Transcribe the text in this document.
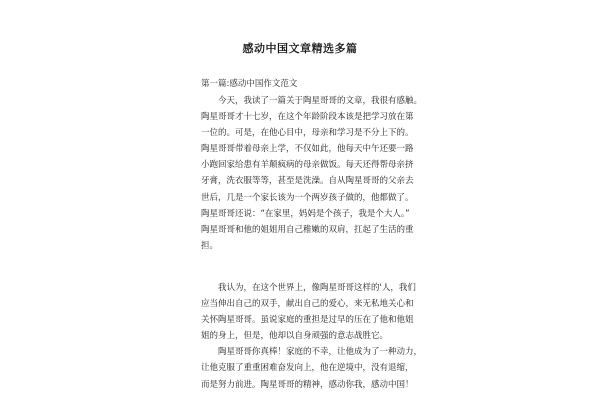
感动中国文章精选多篇
第一篇:感动中国作文范文

　　今天，我读了一篇关于陶星哥哥的文章，我很有感触。
陶星哥哥才十七岁，在这个年龄阶段本该是把学习放在第
一位的。可是，在他心目中，母亲和学习是不分上下的。
陶星哥哥带着母亲上学，不仅如此，他每天中午还要一路
小跑回家给患有羊颠疯病的母亲做饭。每天还得帮母亲挤
牙膏，洗衣服等等，甚至是洗澡。自从陶星哥哥的父亲去
世后，几是一个家长该为一个两岁孩子做的，他都做了。
陶星哥哥还说：“在家里，妈妈是个孩子，我是个大人。”
陶星哥哥和他的姐姐用自己稚嫩的双肩，扛起了生活的重
担。

　　我认为，在这个世界上，像陶星哥哥这样的'人，我们
应当伸出自己的双手，献出自己的爱心，来无私地关心和
关怀陶星哥哥。虽说家庭的重担是过早的压在了他和他姐
姐的身上，但是，他却以自身顽强的意志战胜它。

　　陶星哥哥你真棒！家庭的不幸，让他成为了一种动力，
让他克服了重重困难奋发向上，他在逆境中，没有退缩，
而是努力前进。陶星哥哥的精神，感动你我，感动中国！
